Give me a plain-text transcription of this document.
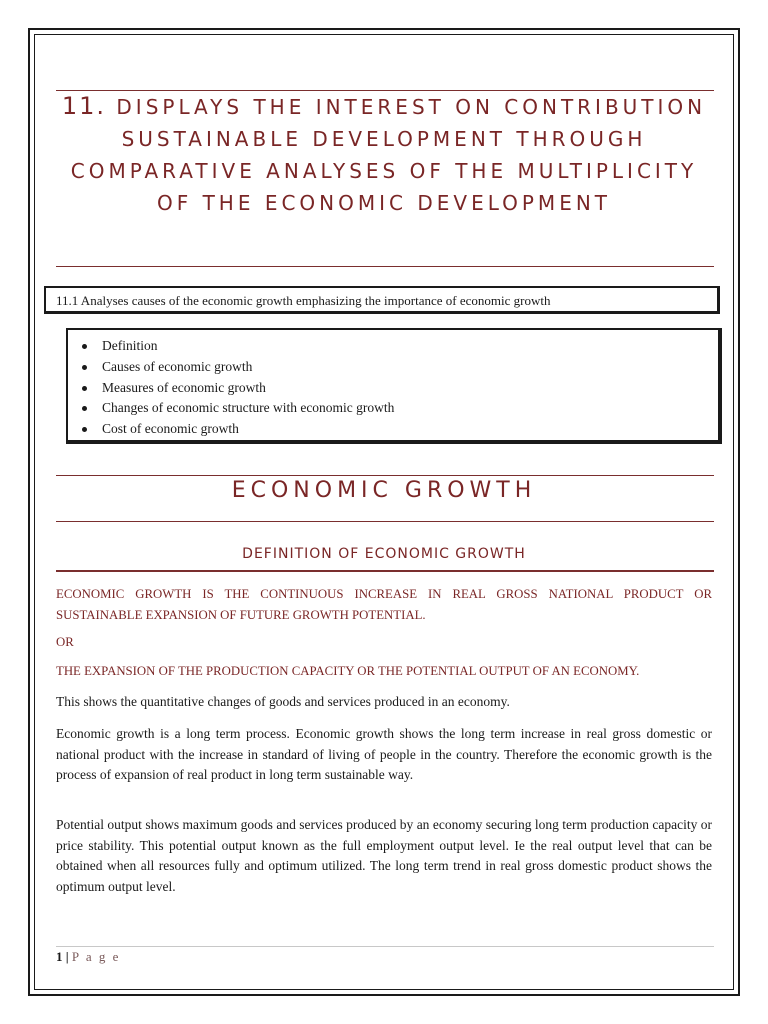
11. DISPLAYS THE INTEREST ON CONTRIBUTION SUSTAINABLE DEVELOPMENT THROUGH COMPARATIVE ANALYSES OF THE MULTIPLICITY OF THE ECONOMIC DEVELOPMENT
11.1 Analyses causes of the economic growth emphasizing the importance of economic growth
Definition
Causes of economic growth
Measures of economic growth
Changes of economic structure with economic growth
Cost of economic growth
ECONOMIC GROWTH
DEFINITION OF ECONOMIC GROWTH

ECONOMIC GROWTH IS THE CONTINUOUS INCREASE IN REAL GROSS NATIONAL PRODUCT OR SUSTAINABLE EXPANSION OF FUTURE GROWTH POTENTIAL.

OR

THE EXPANSION OF THE PRODUCTION CAPACITY OR THE POTENTIAL OUTPUT OF AN ECONOMY.

This shows the quantitative changes of goods and services produced in an economy.

Economic growth is a long term process. Economic growth shows the long term increase in real gross domestic or national product with the increase in standard of living of people in the country. Therefore the economic growth is the process of expansion of real product in long term sustainable way.

Potential output shows maximum goods and services produced by an economy securing long term production capacity or price stability. This potential output known as the full employment output level. Ie the real output level that can be obtained when all resources fully and optimum utilized. The long term trend in real gross domestic product shows the optimum output level.

1 | P a g e
